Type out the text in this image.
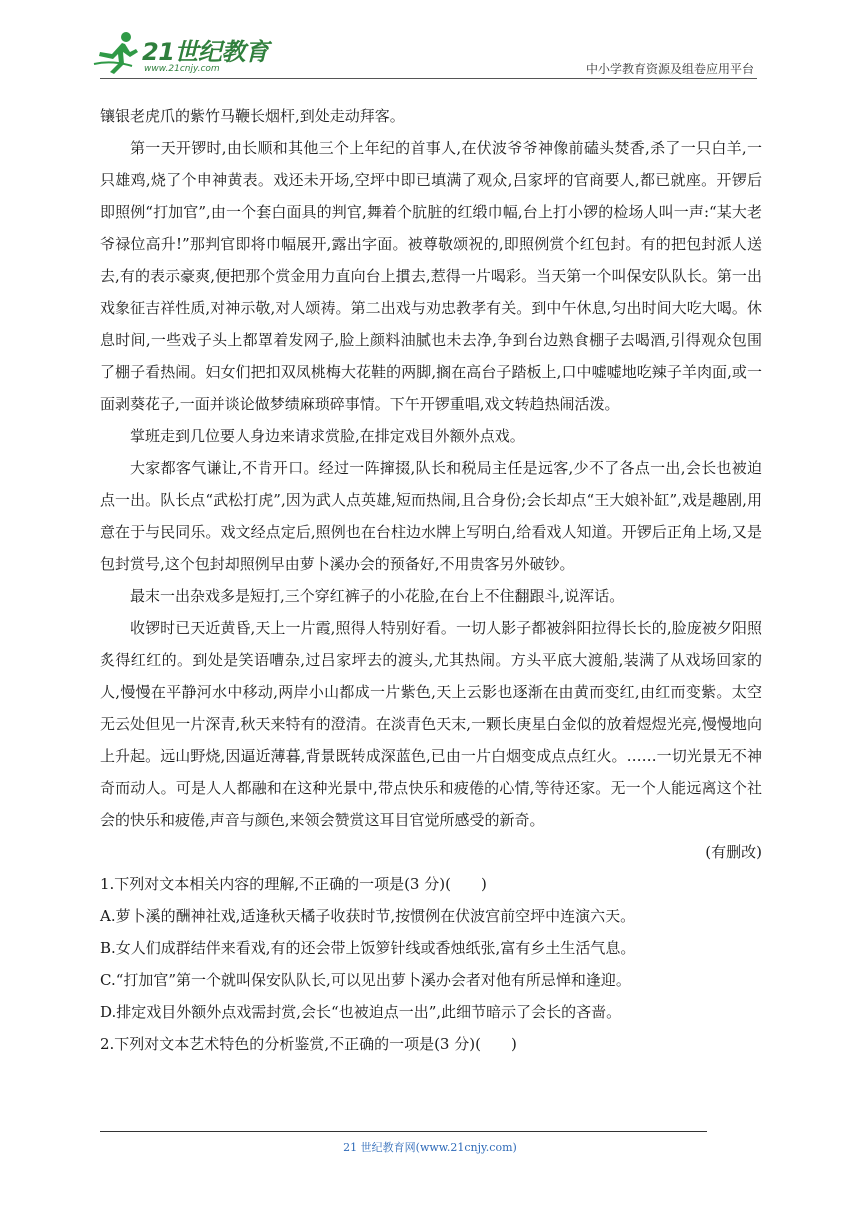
21世纪教育
www.21cnjy.com	中小学教育资源及组卷应用平台

镶银老虎爪的紫竹马鞭长烟杆,到处走动拜客。

第一天开锣时,由长顺和其他三个上年纪的首事人,在伏波爷爷神像前磕头焚香,杀了一只白羊,一只雄鸡,烧了个申神黄表。戏还未开场,空坪中即已填满了观众,吕家坪的官商要人,都已就座。开锣后即照例“打加官”,由一个套白面具的判官,舞着个肮脏的红缎巾幅,台上打小锣的检场人叫一声:“某大老爷禄位高升!”那判官即将巾幅展开,露出字面。被尊敬颂祝的,即照例赏个红包封。有的把包封派人送去,有的表示豪爽,便把那个赏金用力直向台上摜去,惹得一片喝彩。当天第一个叫保安队队长。第一出戏象征吉祥性质,对神示敬,对人颂祷。第二出戏与劝忠教孝有关。到中午休息,匀出时间大吃大喝。休息时间,一些戏子头上都罩着发网子,脸上颜料油腻也未去净,争到台边熟食棚子去喝酒,引得观众包围了棚子看热闹。妇女们把扣双凤桃梅大花鞋的两脚,搁在高台子踏板上,口中嘘嘘地吃辣子羊肉面,或一面剥葵花子,一面并谈论做梦绩麻琐碎事情。下午开锣重唱,戏文转趋热闹活泼。

掌班走到几位要人身边来请求赏脸,在排定戏目外额外点戏。

大家都客气谦让,不肯开口。经过一阵撺掇,队长和税局主任是远客,少不了各点一出,会长也被迫点一出。队长点“武松打虎”,因为武人点英雄,短而热闹,且合身份;会长却点“王大娘补缸”,戏是趣剧,用意在于与民同乐。戏文经点定后,照例也在台柱边水牌上写明白,给看戏人知道。开锣后正角上场,又是包封赏号,这个包封却照例早由萝卜溪办会的预备好,不用贵客另外破钞。

最末一出杂戏多是短打,三个穿红裤子的小花脸,在台上不住翻跟斗,说浑话。

收锣时已天近黄昏,天上一片霞,照得人特别好看。一切人影子都被斜阳拉得长长的,脸庞被夕阳照炙得红红的。到处是笑语嘈杂,过吕家坪去的渡头,尤其热闹。方头平底大渡船,装满了从戏场回家的人,慢慢在平静河水中移动,两岸小山都成一片紫色,天上云影也逐渐在由黄而变红,由红而变紫。太空无云处但见一片深青,秋天来特有的澄清。在淡青色天末,一颗长庚星白金似的放着煜煜光亮,慢慢地向上升起。远山野烧,因逼近薄暮,背景既转成深蓝色,已由一片白烟变成点点红火。……一切光景无不神奇而动人。可是人人都融和在这种光景中,带点快乐和疲倦的心情,等待还家。无一个人能远离这个社会的快乐和疲倦,声音与颜色,来领会赞赏这耳目官觉所感受的新奇。

(有删改)

1.下列对文本相关内容的理解,不正确的一项是(3 分)(　　)

A.萝卜溪的酬神社戏,适逢秋天橘子收获时节,按惯例在伏波宫前空坪中连演六天。

B.女人们成群结伴来看戏,有的还会带上饭箩针线或香烛纸张,富有乡土生活气息。

C.“打加官”第一个就叫保安队队长,可以见出萝卜溪办会者对他有所忌惮和逢迎。

D.排定戏目外额外点戏需封赏,会长“也被迫点一出”,此细节暗示了会长的吝啬。

2.下列对文本艺术特色的分析鉴赏,不正确的一项是(3 分)(　　)

21 世纪教育网(www.21cnjy.com)
